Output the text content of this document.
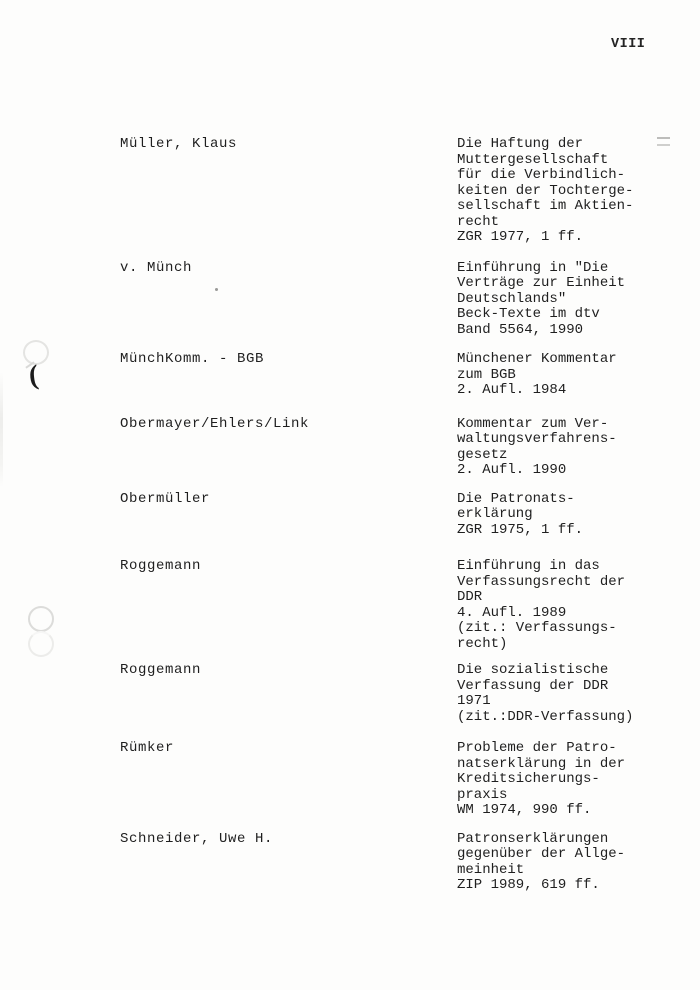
VIII
Müller, Klaus	Die Haftung der
Muttergesellschaft
für die Verbindlich-
keiten der Tochterge-
sellschaft im Aktien-
recht
ZGR 1977, 1 ff.
v. Münch	Einführung in "Die
Verträge zur Einheit
Deutschlands"
Beck-Texte im dtv
Band 5564, 1990
MünchKomm. - BGB	Münchener Kommentar
zum BGB
2. Aufl. 1984
Obermayer/Ehlers/Link	Kommentar zum Ver-
waltungsverfahrens-
gesetz
2. Aufl. 1990
Obermüller	Die Patronats-
erklärung
ZGR 1975, 1 ff.
Roggemann	Einführung in das
Verfassungsrecht der
DDR
4. Aufl. 1989
(zit.: Verfassungs-
recht)
Roggemann	Die sozialistische
Verfassung der DDR
1971
(zit.:DDR-Verfassung)
Rümker	Probleme der Patro-
natserklärung in der
Kreditsicherungs-
praxis
WM 1974, 990 ff.
Schneider, Uwe H.	Patronserklärungen
gegenüber der Allge-
meinheit
ZIP 1989, 619 ff.
(
